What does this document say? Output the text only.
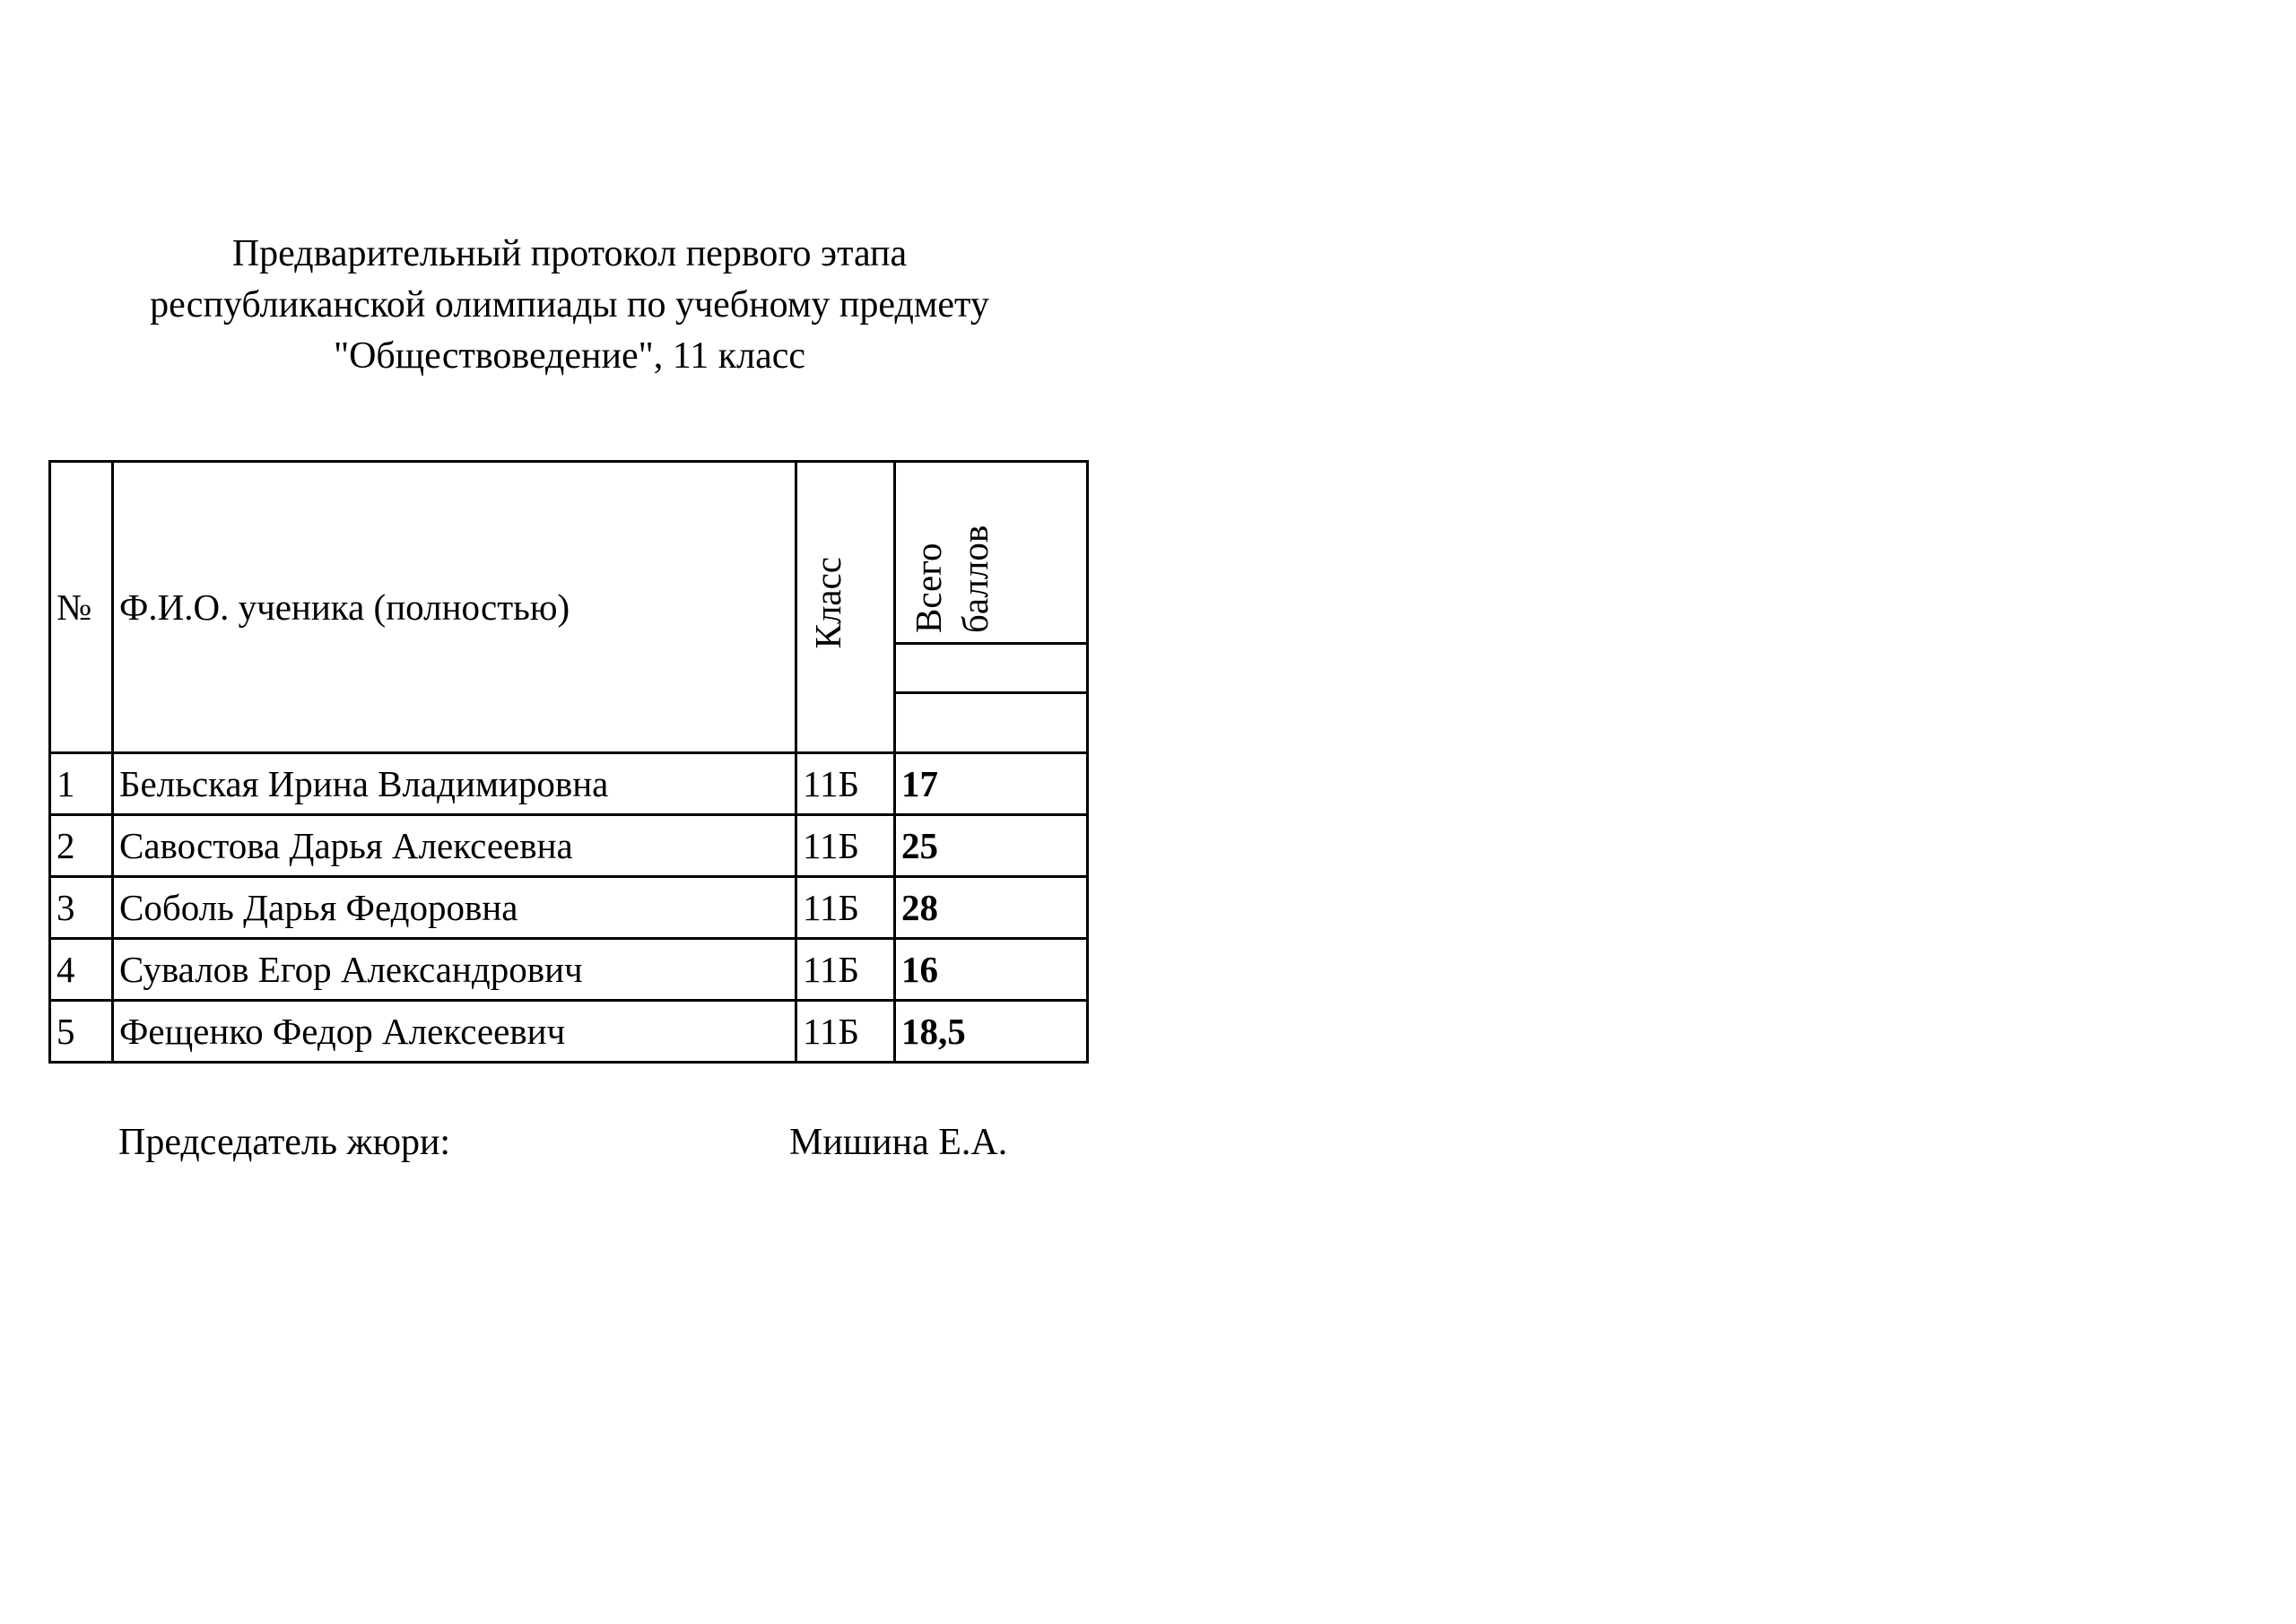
Предварительный протокол первого этапа
республиканской олимпиады по учебному предмету
"Обществоведение", 11 класс
№	Ф.И.О. ученика (полностью)	Класс	Всего баллов

1	Бельская Ирина Владимировна	11Б	17
2	Савостова Дарья Алексеевна	11Б	25
3	Соболь Дарья Федоровна	11Б	28
4	Сувалов Егор Александрович	11Б	16
5	Фещенко Федор Алексеевич	11Б	18,5
Председатель жюри:	Мишина Е.А.
